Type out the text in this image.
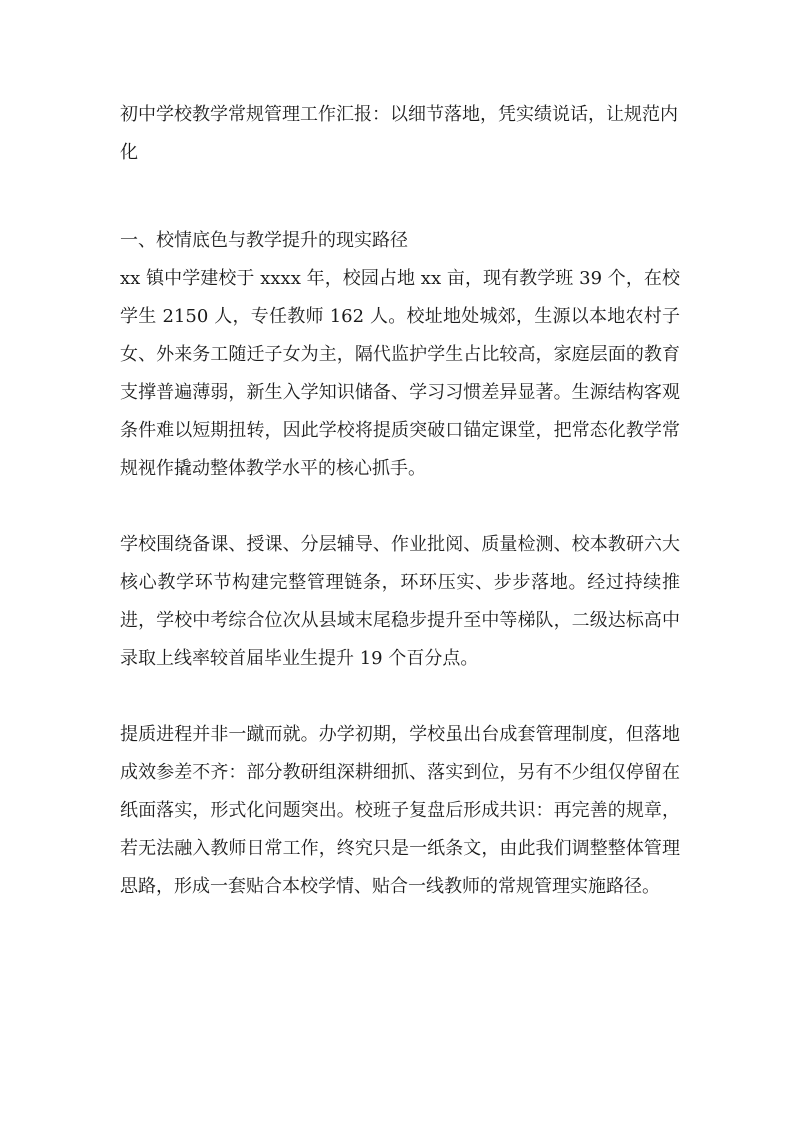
初中学校教学常规管理工作汇报：以细节落地，凭实绩说话，让规范内化

一、校情底色与教学提升的现实路径

xx 镇中学建校于 xxxx 年，校园占地 xx 亩，现有教学班 39 个，在校学生 2150 人，专任教师 162 人。校址地处城郊，生源以本地农村子女、外来务工随迁子女为主，隔代监护学生占比较高，家庭层面的教育支撑普遍薄弱，新生入学知识储备、学习习惯差异显著。生源结构客观条件难以短期扭转，因此学校将提质突破口锚定课堂，把常态化教学常规视作撬动整体教学水平的核心抓手。

学校围绕备课、授课、分层辅导、作业批阅、质量检测、校本教研六大核心教学环节构建完整管理链条，环环压实、步步落地。经过持续推进，学校中考综合位次从县域末尾稳步提升至中等梯队，二级达标高中录取上线率较首届毕业生提升 19 个百分点。

提质进程并非一蹴而就。办学初期，学校虽出台成套管理制度，但落地成效参差不齐：部分教研组深耕细抓、落实到位，另有不少组仅停留在纸面落实，形式化问题突出。校班子复盘后形成共识：再完善的规章，若无法融入教师日常工作，终究只是一纸条文，由此我们调整整体管理思路，形成一套贴合本校学情、贴合一线教师的常规管理实施路径。
